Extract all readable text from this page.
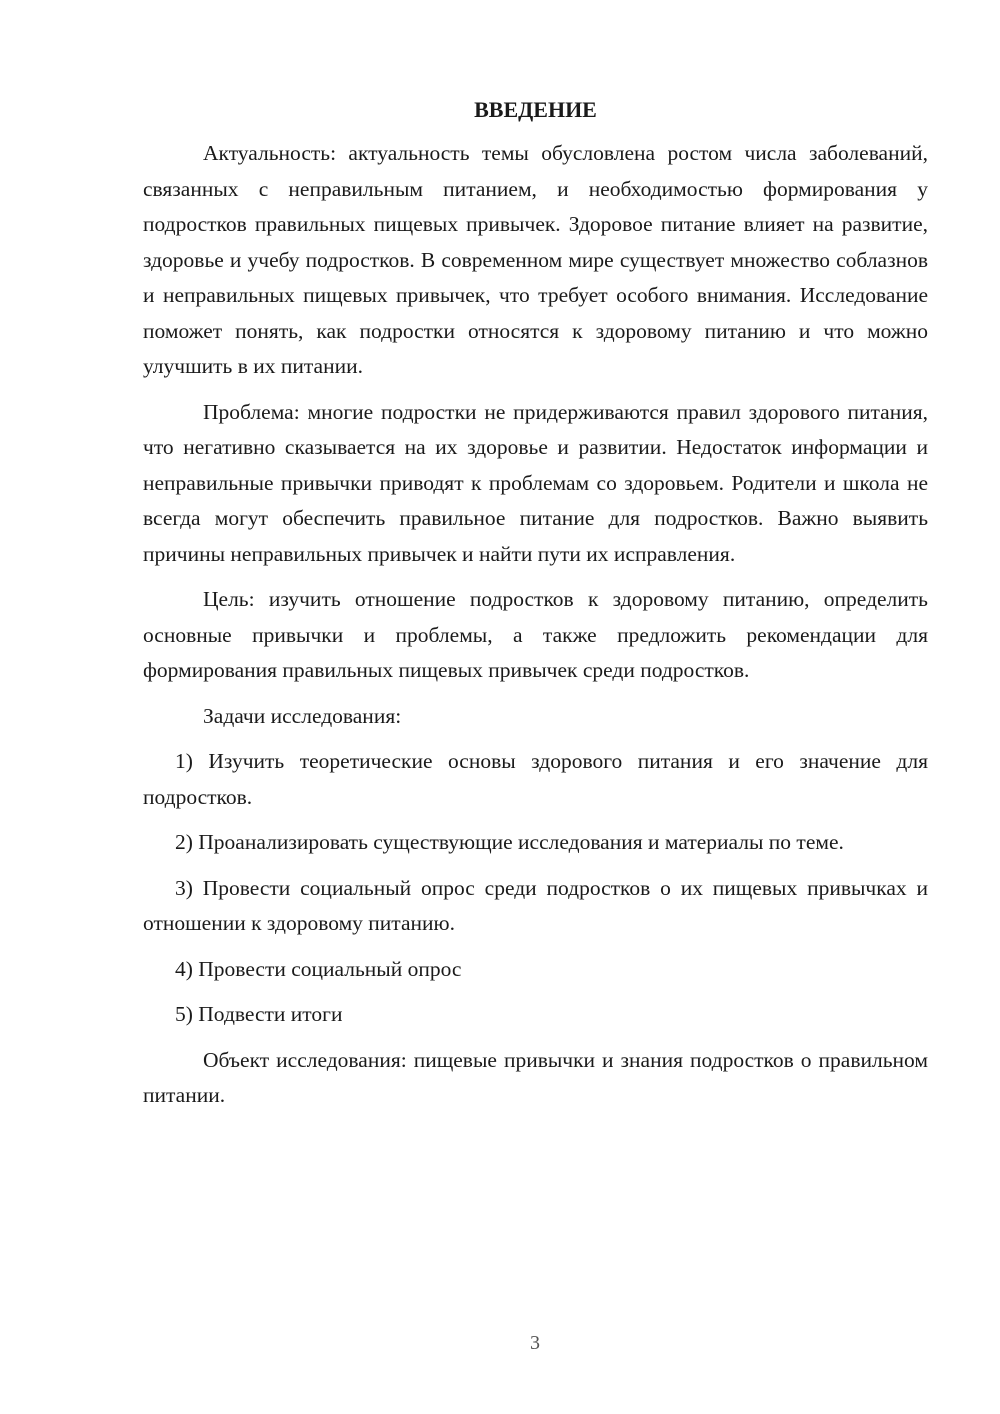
ВВЕДЕНИЕ

Актуальность: актуальность темы обусловлена ростом числа заболеваний, связанных с неправильным питанием, и необходимостью формирования у подростков правильных пищевых привычек. Здоровое питание влияет на развитие, здоровье и учебу подростков. В современном мире существует множество соблазнов и неправильных пищевых привычек, что требует особого внимания. Исследование поможет понять, как подростки относятся к здоровому питанию и что можно улучшить в их питании.

Проблема: многие подростки не придерживаются правил здорового питания, что негативно сказывается на их здоровье и развитии. Недостаток информации и неправильные привычки приводят к проблемам со здоровьем. Родители и школа не всегда могут обеспечить правильное питание для подростков. Важно выявить причины неправильных привычек и найти пути их исправления.

Цель: изучить отношение подростков к здоровому питанию, определить основные привычки и проблемы, а также предложить рекомендации для формирования правильных пищевых привычек среди подростков.

Задачи исследования:

1) Изучить теоретические основы здорового питания и его значение для подростков.

2) Проанализировать существующие исследования и материалы по теме.

3) Провести социальный опрос среди подростков о их пищевых привычках и отношении к здоровому питанию.

4) Провести социальный опрос

5) Подвести итоги

Объект исследования: пищевые привычки и знания подростков о правильном питании.

3
